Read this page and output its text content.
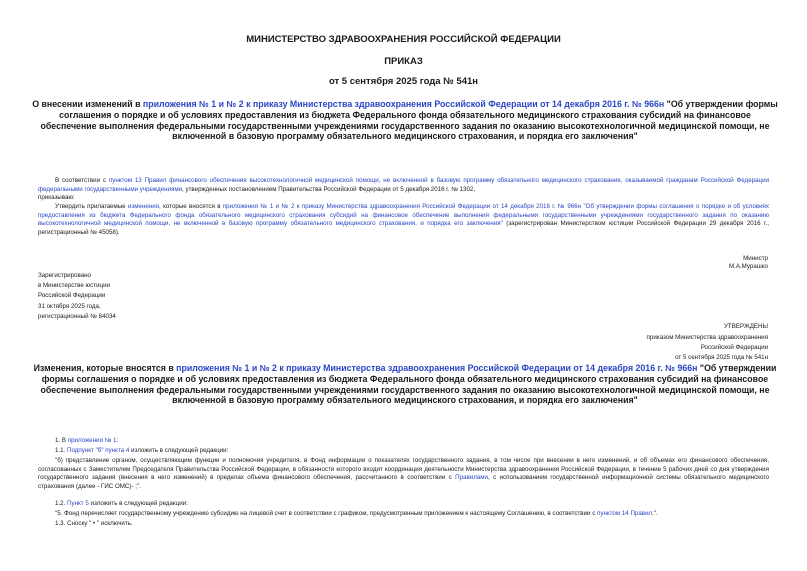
МИНИСТЕРСТВО ЗДРАВООХРАНЕНИЯ РОССИЙСКОЙ ФЕДЕРАЦИИ
ПРИКАЗ
от 5 сентября 2025 года № 541н
О внесении изменений в приложения № 1 и № 2 к приказу Министерства здравоохранения Российской Федерации от 14 декабря 2016 г. № 966н "Об утверждении формы соглашения о порядке и об условиях предоставления из бюджета Федерального фонда обязательного медицинского страхования субсидий на финансовое обеспечение выполнения федеральными государственными учреждениями государственного задания по оказанию высокотехнологичной медицинской помощи, не включенной в базовую программу обязательного медицинского страхования, и порядка его заключения"
В соответствии с пунктом 13 Правил финансового обеспечения высокотехнологичной медицинской помощи, не включенной в базовую программу обязательного медицинского страхования, оказываемой гражданам Российской Федерации федеральными государственными учреждениями, утвержденных постановлением Правительства Российской Федерации от 5 декабря 2016 г. № 1302,
приказываю:
Утвердить прилагаемые изменения, которые вносятся в приложения № 1 и № 2 к приказу Министерства здравоохранения Российской Федерации от 14 декабря 2016 г. № 966н "Об утверждении формы соглашения о порядке и об условиях предоставления из бюджета Федерального фонда обязательного медицинского страхования субсидий на финансовое обеспечение выполнения федеральными государственными учреждениями государственного задания по оказанию высокотехнологичной медицинской помощи, не включенной в базовую программу обязательного медицинского страхования, и порядка его заключения" (зарегистрирован Министерством юстиции Российской Федерации 29 декабря 2016 г., регистрационный № 45058).
Министр
М.А.Мурашко
Зарегистрировано
в Министерстве юстиции
Российской Федерации
31 октября 2025 года,
регистрационный № 84034
УТВЕРЖДЕНЫ
приказом Министерства здравоохранения
Российской Федерации
от 5 сентября 2025 года № 541н
Изменения, которые вносятся в приложения № 1 и № 2 к приказу Министерства здравоохранения Российской Федерации от 14 декабря 2016 г. № 966н "Об утверждении формы соглашения о порядке и об условиях предоставления из бюджета Федерального фонда обязательного медицинского страхования субсидий на финансовое обеспечение выполнения федеральными государственными учреждениями государственного задания по оказанию высокотехнологичной медицинской помощи, не включенной в базовую программу обязательного медицинского страхования, и порядка его заключения"
1. В приложении № 1:
1.1. Подпункт "б" пункта 4 изложить в следующей редакции:
"б) представление органом, осуществляющим функции и полномочия учредителя, в Фонд информации о показателях государственного задания, в том числе при внесении в него изменений, и об объемах его финансового обеспечения, согласованных с Заместителем Председателя Правительства Российской Федерации, в обязанности которого входит координация деятельности Министерства здравоохранения Российской Федерации, в течение 5 рабочих дней со дня утверждения государственного задания (внесения в него изменений) в пределах объема финансового обеспечения, рассчитанного в соответствии с Правилами, с использованием государственной информационной системы обязательного медицинского страхования (далее - ГИС ОМС)- ;".
1.2. Пункт 5 изложить в следующей редакции:
"5. Фонд перечисляет государственному учреждению субсидию на лицевой счет в соответствии с графиком, предусмотренным приложением к настоящему Соглашению, в соответствии с пунктом 14 Правил.".
1.3. Сноску " • " исключить.
